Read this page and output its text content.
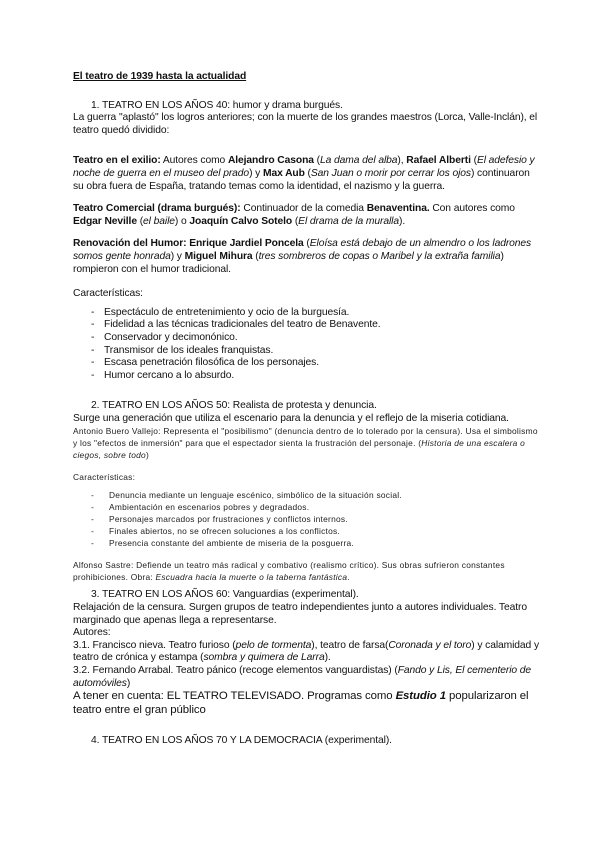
El teatro de 1939 hasta la actualidad

1. TEATRO EN LOS AÑOS 40: humor y drama burgués.

La guerra "aplastó" los logros anteriores; con la muerte de los grandes maestros (Lorca, Valle-Inclán), el teatro quedó dividido:

Teatro en el exilio: Autores como Alejandro Casona (La dama del alba), Rafael Alberti (El adefesio y noche de guerra en el museo del prado) y Max Aub (San Juan o morir por cerrar los ojos) continuaron su obra fuera de España, tratando temas como la identidad, el nazismo y la guerra.

Teatro Comercial (drama burgués): Continuador de la comedia Benaventina. Con autores como Edgar Neville (el baile) o Joaquín Calvo Sotelo (El drama de la muralla).

Renovación del Humor: Enrique Jardiel Poncela (Eloísa está debajo de un almendro o los ladrones somos gente honrada) y Miguel Mihura (tres sombreros de copas o Maribel y la extraña familia) rompieron con el humor tradicional.

Características:

- Espectáculo de entretenimiento y ocio de la burguesía.
- Fidelidad a las técnicas tradicionales del teatro de Benavente.
- Conservador y decimonónico.
- Transmisor de los ideales franquistas.
- Escasa penetración filosófica de los personajes.
- Humor cercano a lo absurdo.

2. TEATRO EN LOS AÑOS 50: Realista de protesta y denuncia.

Surge una generación que utiliza el escenario para la denuncia y el reflejo de la miseria cotidiana.

Antonio Buero Vallejo: Representa el "posibilismo" (denuncia dentro de lo tolerado por la censura). Usa el simbolismo y los "efectos de inmersión" para que el espectador sienta la frustración del personaje. (Historia de una escalera o ciegos, sobre todo)

Características:

- Denuncia mediante un lenguaje escénico, simbólico de la situación social.
- Ambientación en escenarios pobres y degradados.
- Personajes marcados por frustraciones y conflictos internos.
- Finales abiertos, no se ofrecen soluciones a los conflictos.
- Presencia constante del ambiente de miseria de la posguerra.

Alfonso Sastre: Defiende un teatro más radical y combativo (realismo crítico). Sus obras sufrieron constantes prohibiciones. Obra: Escuadra hacia la muerte o la taberna fantástica.

3. TEATRO EN LOS AÑOS 60: Vanguardias (experimental).

Relajación de la censura. Surgen grupos de teatro independientes junto a autores individuales. Teatro marginado que apenas llega a representarse.

Autores:

3.1. Francisco nieva. Teatro furioso (pelo de tormenta), teatro de farsa(Coronada y el toro) y calamidad y teatro de crónica y estampa (sombra y quimera de Larra).

3.2. Fernando Arrabal. Teatro pánico (recoge elementos vanguardistas) (Fando y Lis, El cementerio de automóviles)

A tener en cuenta: EL TEATRO TELEVISADO. Programas como Estudio 1 popularizaron el teatro entre el gran público

4. TEATRO EN LOS AÑOS 70 Y LA DEMOCRACIA (experimental).
